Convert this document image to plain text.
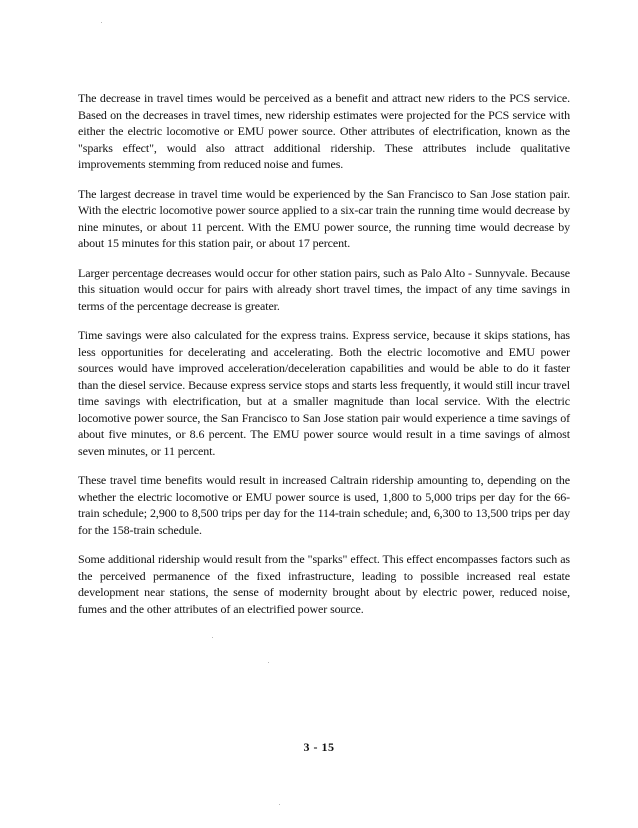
The decrease in travel times would be perceived as a benefit and attract new riders to the PCS service. Based on the decreases in travel times, new ridership estimates were projected for the PCS service with either the electric locomotive or EMU power source. Other attributes of electrification, known as the "sparks effect", would also attract additional ridership. These attributes include qualitative improvements stemming from reduced noise and fumes.

The largest decrease in travel time would be experienced by the San Francisco to San Jose station pair. With the electric locomotive power source applied to a six-car train the running time would decrease by nine minutes, or about 11 percent. With the EMU power source, the running time would decrease by about 15 minutes for this station pair, or about 17 percent.

Larger percentage decreases would occur for other station pairs, such as Palo Alto - Sunnyvale. Because this situation would occur for pairs with already short travel times, the impact of any time savings in terms of the percentage decrease is greater.

Time savings were also calculated for the express trains. Express service, because it skips stations, has less opportunities for decelerating and accelerating. Both the electric locomotive and EMU power sources would have improved acceleration/deceleration capabilities and would be able to do it faster than the diesel service. Because express service stops and starts less frequently, it would still incur travel time savings with electrification, but at a smaller magnitude than local service. With the electric locomotive power source, the San Francisco to San Jose station pair would experience a time savings of about five minutes, or 8.6 percent. The EMU power source would result in a time savings of almost seven minutes, or 11 percent.

These travel time benefits would result in increased Caltrain ridership amounting to, depending on the whether the electric locomotive or EMU power source is used, 1,800 to 5,000 trips per day for the 66-train schedule; 2,900 to 8,500 trips per day for the 114-train schedule; and, 6,300 to 13,500 trips per day for the 158-train schedule.

Some additional ridership would result from the "sparks" effect. This effect encompasses factors such as the perceived permanence of the fixed infrastructure, leading to possible increased real estate development near stations, the sense of modernity brought about by electric power, reduced noise, fumes and the other attributes of an electrified power source.

3 - 15
